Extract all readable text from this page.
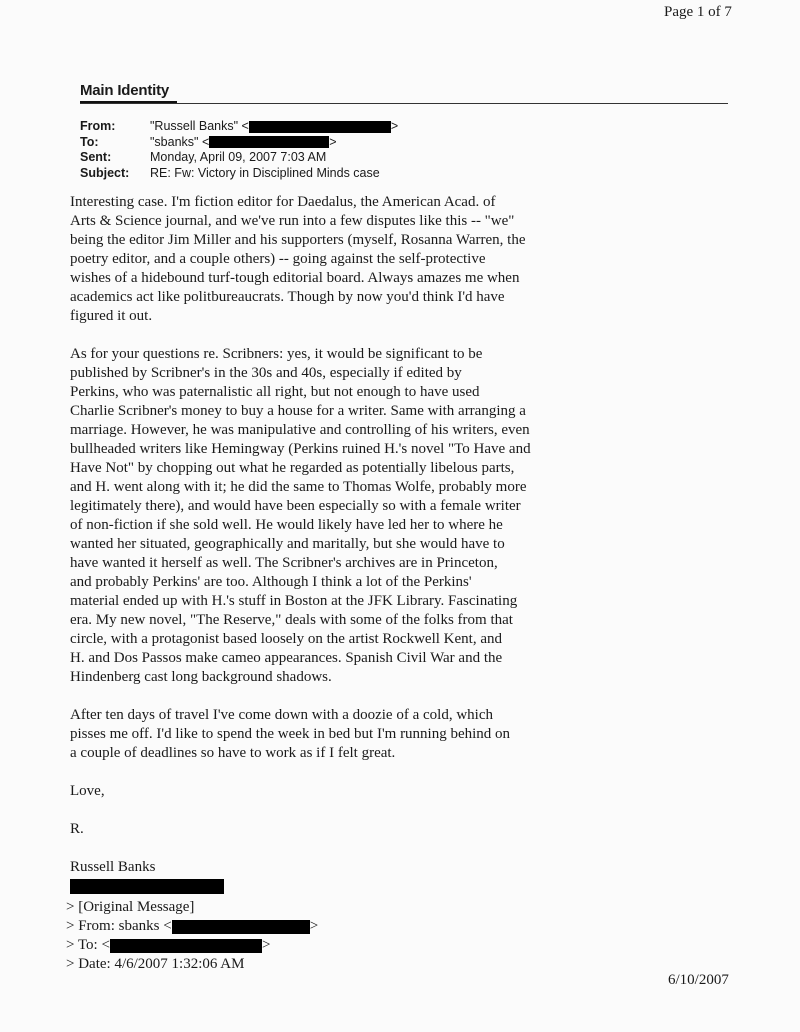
Page 1 of 7
Main Identity
From:	"Russell Banks" <	>
To:	"sbanks" <	>
Sent:	Monday, April 09, 2007 7:03 AM
Subject:	RE: Fw: Victory in Disciplined Minds case

Interesting case. I'm fiction editor for Daedalus, the American Acad. of
Arts & Science journal, and we've run into a few disputes like this -- "we"
being the editor Jim Miller and his supporters (myself, Rosanna Warren, the
poetry editor, and a couple others) -- going against the self-protective
wishes of a hidebound turf-tough editorial board. Always amazes me when
academics act like politbureaucrats. Though by now you'd think I'd have
figured it out.

As for your questions re. Scribners: yes, it would be significant to be
published by Scribner's in the 30s and 40s, especially if edited by
Perkins, who was paternalistic all right, but not enough to have used
Charlie Scribner's money to buy a house for a writer. Same with arranging a
marriage. However, he was manipulative and controlling of his writers, even
bullheaded writers like Hemingway (Perkins ruined H.'s novel "To Have and
Have Not" by chopping out what he regarded as potentially libelous parts,
and H. went along with it; he did the same to Thomas Wolfe, probably more
legitimately there), and would have been especially so with a female writer
of non-fiction if she sold well. He would likely have led her to where he
wanted her situated, geographically and maritally, but she would have to
have wanted it herself as well. The Scribner's archives are in Princeton,
and probably Perkins' are too. Although I think a lot of the Perkins'
material ended up with H.'s stuff in Boston at the JFK Library. Fascinating
era. My new novel, "The Reserve," deals with some of the folks from that
circle, with a protagonist based loosely on the artist Rockwell Kent, and
H. and Dos Passos make cameo appearances. Spanish Civil War and the
Hindenberg cast long background shadows.

After ten days of travel I've come down with a doozie of a cold, which
pisses me off. I'd like to spend the week in bed but I'm running behind on
a couple of deadlines so have to work as if I felt great.

Love,

R.

Russell Banks
> [Original Message]
> From: sbanks <	>
> To: <	>
> Date: 4/6/2007 1:32:06 AM
6/10/2007
